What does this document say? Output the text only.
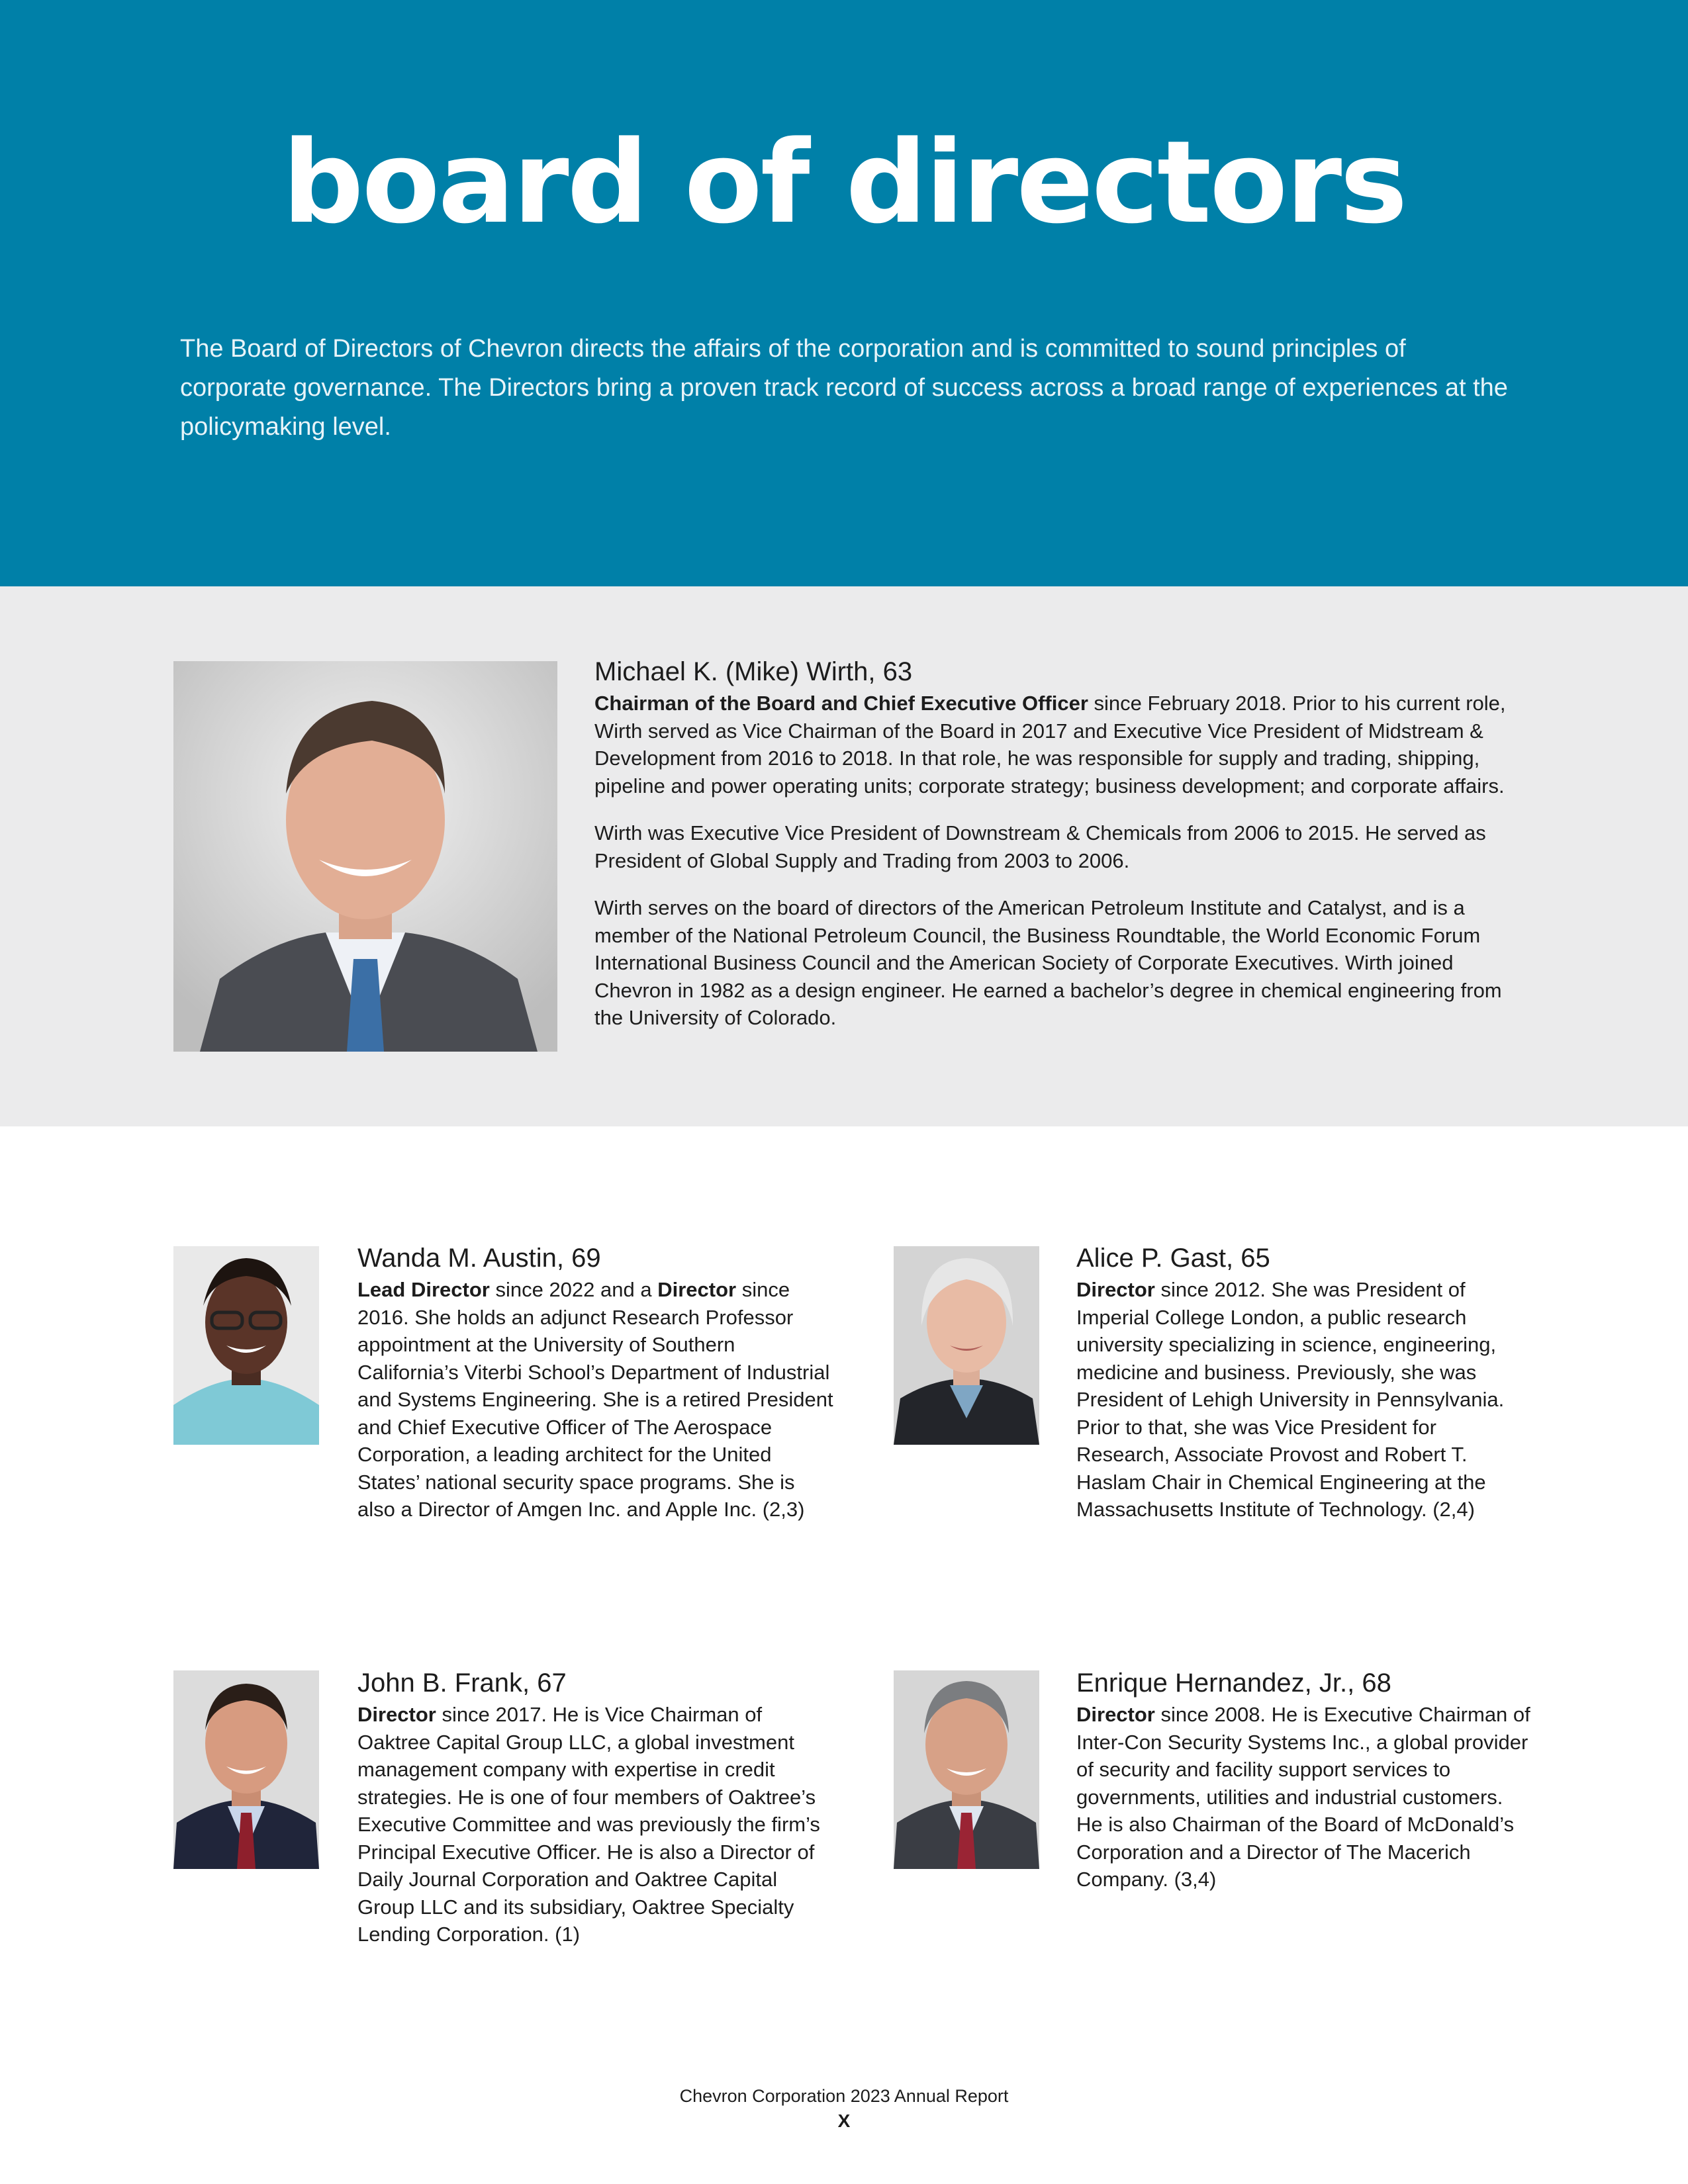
board of directors

The Board of Directors of Chevron directs the affairs of the corporation and is committed to sound principles of corporate governance. The Directors bring a proven track record of success across a broad range of experiences at the policymaking level.

Michael K. (Mike) Wirth, 63

Chairman of the Board and Chief Executive Officer since February 2018. Prior to his current role, Wirth served as Vice Chairman of the Board in 2017 and Executive Vice President of Midstream & Development from 2016 to 2018. In that role, he was responsible for supply and trading, shipping, pipeline and power operating units; corporate strategy; business development; and corporate affairs.

Wirth was Executive Vice President of Downstream & Chemicals from 2006 to 2015. He served as President of Global Supply and Trading from 2003 to 2006.

Wirth serves on the board of directors of the American Petroleum Institute and Catalyst, and is a member of the National Petroleum Council, the Business Roundtable, the World Economic Forum International Business Council and the American Society of Corporate Executives. Wirth joined Chevron in 1982 as a design engineer. He earned a bachelor’s degree in chemical engineering from the University of Colorado.

Wanda M. Austin, 69

Lead Director since 2022 and a Director since 2016. She holds an adjunct Research Professor appointment at the University of Southern California’s Viterbi School’s Department of Industrial and Systems Engineering. She is a retired President and Chief Executive Officer of The Aerospace Corporation, a leading architect for the United States’ national security space programs. She is also a Director of Amgen Inc. and Apple Inc. (2,3)

Alice P. Gast, 65

Director since 2012. She was President of Imperial College London, a public research university specializing in science, engineering, medicine and business. Previously, she was President of Lehigh University in Pennsylvania. Prior to that, she was Vice President for Research, Associate Provost and Robert T. Haslam Chair in Chemical Engineering at the Massachusetts Institute of Technology. (2,4)

John B. Frank, 67

Director since 2017. He is Vice Chairman of Oaktree Capital Group LLC, a global investment management company with expertise in credit strategies. He is one of four members of Oaktree’s Executive Committee and was previously the firm’s Principal Executive Officer. He is also a Director of Daily Journal Corporation and Oaktree Capital Group LLC and its subsidiary, Oaktree Specialty Lending Corporation. (1)

Enrique Hernandez, Jr., 68

Director since 2008. He is Executive Chairman of Inter-Con Security Systems Inc., a global provider of security and facility support services to governments, utilities and industrial customers. He is also Chairman of the Board of McDonald’s Corporation and a Director of The Macerich Company. (3,4)

Chevron Corporation 2023 Annual Report
X
